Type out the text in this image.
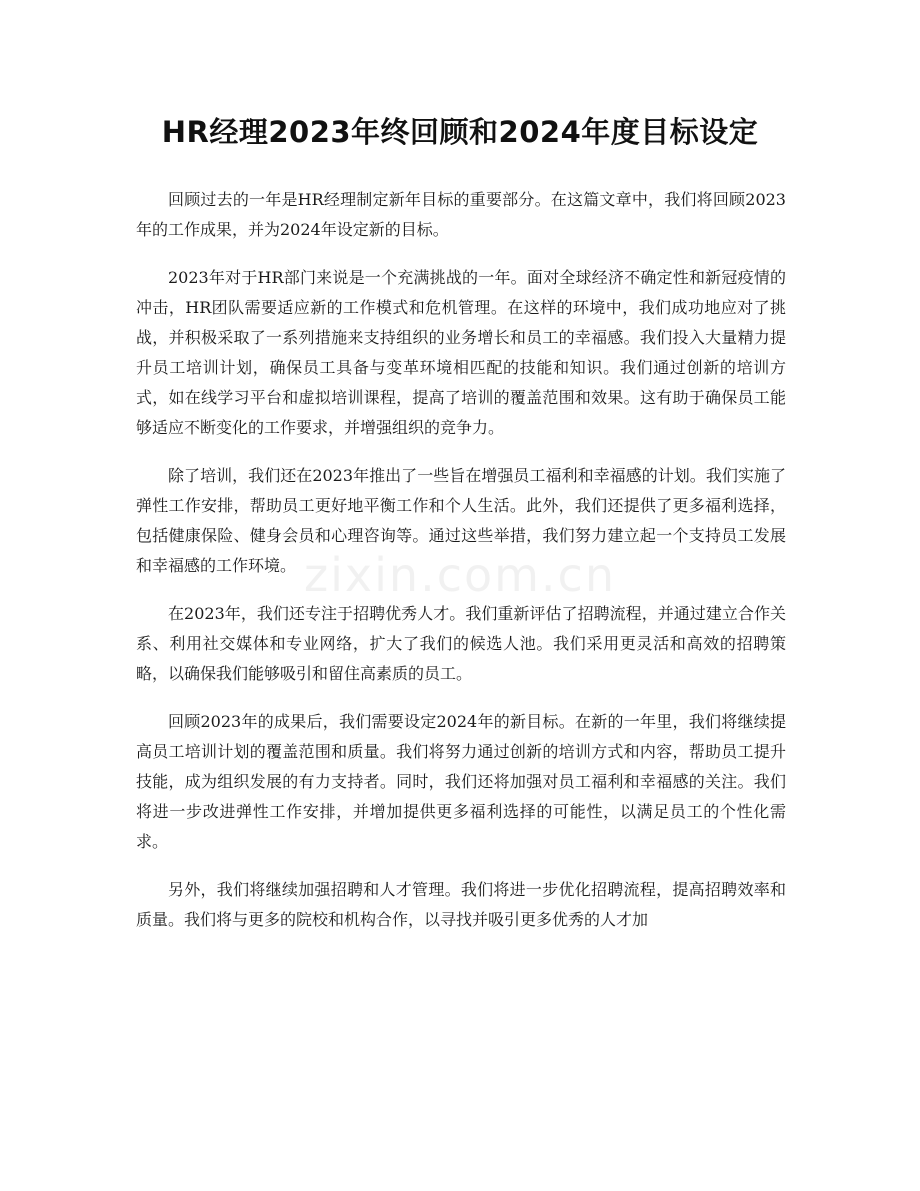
HR经理2023年终回顾和2024年度目标设定
zixin.com.cn

回顾过去的一年是HR经理制定新年目标的重要部分。在这篇文章中，我们将回顾2023年的工作成果，并为2024年设定新的目标。

2023年对于HR部门来说是一个充满挑战的一年。面对全球经济不确定性和新冠疫情的冲击，HR团队需要适应新的工作模式和危机管理。在这样的环境中，我们成功地应对了挑战，并积极采取了一系列措施来支持组织的业务增长和员工的幸福感。我们投入大量精力提升员工培训计划，确保员工具备与变革环境相匹配的技能和知识。我们通过创新的培训方式，如在线学习平台和虚拟培训课程，提高了培训的覆盖范围和效果。这有助于确保员工能够适应不断变化的工作要求，并增强组织的竞争力。

除了培训，我们还在2023年推出了一些旨在增强员工福利和幸福感的计划。我们实施了弹性工作安排，帮助员工更好地平衡工作和个人生活。此外，我们还提供了更多福利选择，包括健康保险、健身会员和心理咨询等。通过这些举措，我们努力建立起一个支持员工发展和幸福感的工作环境。

在2023年，我们还专注于招聘优秀人才。我们重新评估了招聘流程，并通过建立合作关系、利用社交媒体和专业网络，扩大了我们的候选人池。我们采用更灵活和高效的招聘策略，以确保我们能够吸引和留住高素质的员工。

回顾2023年的成果后，我们需要设定2024年的新目标。在新的一年里，我们将继续提高员工培训计划的覆盖范围和质量。我们将努力通过创新的培训方式和内容，帮助员工提升技能，成为组织发展的有力支持者。同时，我们还将加强对员工福利和幸福感的关注。我们将进一步改进弹性工作安排，并增加提供更多福利选择的可能性，以满足员工的个性化需求。

另外，我们将继续加强招聘和人才管理。我们将进一步优化招聘流程，提高招聘效率和质量。我们将与更多的院校和机构合作，以寻找并吸引更多优秀的人才加
